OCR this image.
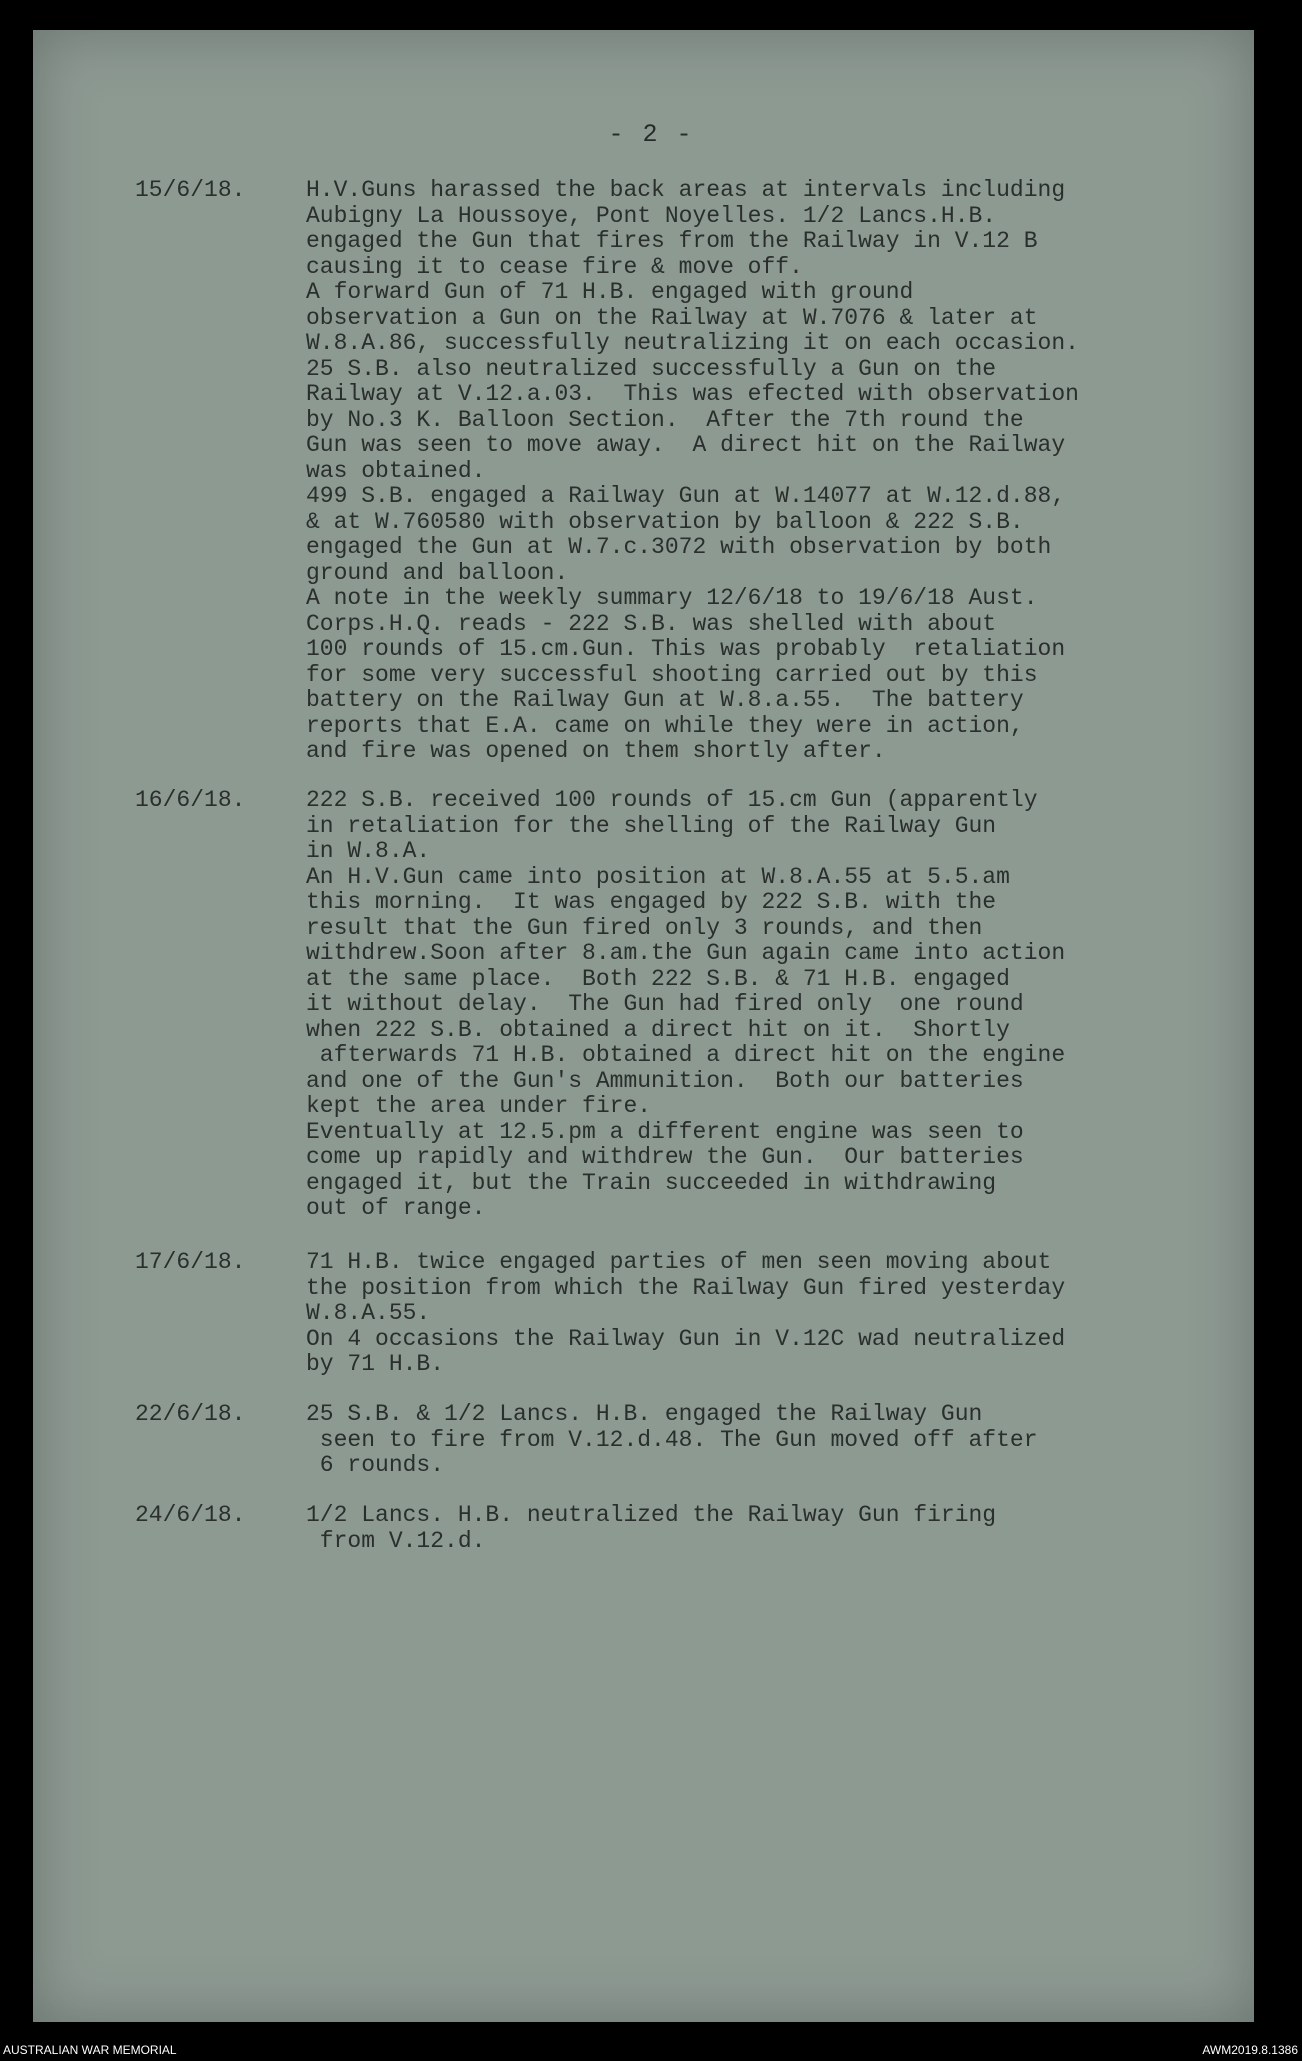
- 2 -
15/6/18.	H.V.Guns harassed the back areas at intervals including
Aubigny La Houssoye, Pont Noyelles. 1/2 Lancs.H.B.
engaged the Gun that fires from the Railway in V.12 B
causing it to cease fire & move off.

A forward Gun of 71 H.B. engaged with ground
observation a Gun on the Railway at W.7076 & later at
W.8.A.86, successfully neutralizing it on each occasion.
25 S.B. also neutralized successfully a Gun on the
Railway at V.12.a.03.  This was efected with observation
by No.3 K. Balloon Section.  After the 7th round the
Gun was seen to move away.  A direct hit on the Railway
was obtained.

499 S.B. engaged a Railway Gun at W.14077 at W.12.d.88,
& at W.760580 with observation by balloon & 222 S.B.
engaged the Gun at W.7.c.3072 with observation by both
ground and balloon.

A note in the weekly summary 12/6/18 to 19/6/18 Aust.
Corps.H.Q. reads - 222 S.B. was shelled with about
100 rounds of 15.cm.Gun. This was probably  retaliation
for some very successful shooting carried out by this
battery on the Railway Gun at W.8.a.55.  The battery
reports that E.A. came on while they were in action,
and fire was opened on them shortly after.

16/6/18.	222 S.B. received 100 rounds of 15.cm Gun (apparently
in retaliation for the shelling of the Railway Gun
in W.8.A.

An H.V.Gun came into position at W.8.A.55 at 5.5.am
this morning.  It was engaged by 222 S.B. with the
result that the Gun fired only 3 rounds, and then
withdrew.Soon after 8.am.the Gun again came into action
at the same place.  Both 222 S.B. & 71 H.B. engaged
it without delay.  The Gun had fired only  one round
when 222 S.B. obtained a direct hit on it.  Shortly
afterwards 71 H.B. obtained a direct hit on the engine
and one of the Gun's Ammunition.  Both our batteries
kept the area under fire.

Eventually at 12.5.pm a different engine was seen to
come up rapidly and withdrew the Gun.  Our batteries
engaged it, but the Train succeeded in withdrawing
out of range.

17/6/18.	71 H.B. twice engaged parties of men seen moving about
the position from which the Railway Gun fired yesterday
W.8.A.55.

On 4 occasions the Railway Gun in V.12C wad neutralized
by 71 H.B.

22/6/18.	25 S.B. & 1/2 Lancs. H.B. engaged the Railway Gun
seen to fire from V.12.d.48. The Gun moved off after
6 rounds.

24/6/18.	1/2 Lancs. H.B. neutralized the Railway Gun firing
from V.12.d.

AUSTRALIAN WAR MEMORIAL	AWM2019.8.1386
